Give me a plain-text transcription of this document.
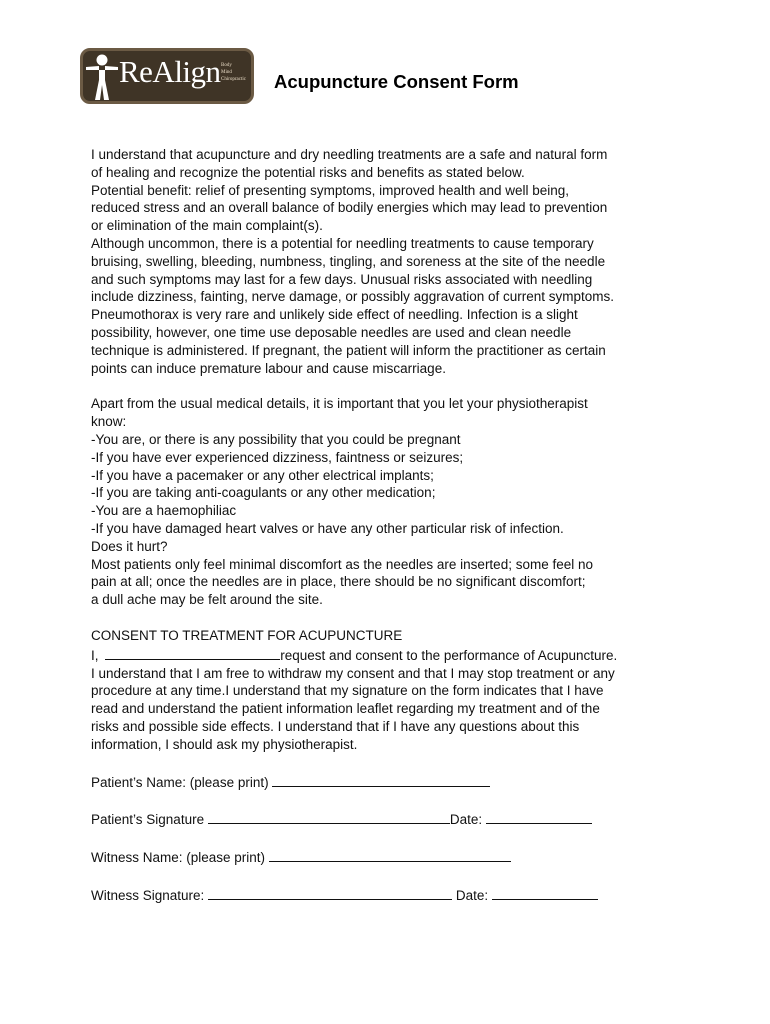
ReAlign Body
Mind
Chiropractic	Acupuncture Consent Form

I understand that acupuncture and dry needling treatments are a safe and natural form

of healing and recognize the potential risks and benefits as stated below.

Potential benefit: relief of presenting symptoms, improved health and well being,

reduced stress and an overall balance of bodily energies which may lead to prevention

or elimination of the main complaint(s).

Although uncommon, there is a potential for needling treatments to cause temporary

bruising, swelling, bleeding, numbness, tingling, and soreness at the site of the needle

and such symptoms may last for a few days. Unusual risks associated with needling

include dizziness, fainting, nerve damage, or possibly aggravation of current symptoms.

Pneumothorax is very rare and unlikely side effect of needling. Infection is a slight

possibility, however, one time use deposable needles are used and clean needle

technique is administered. If pregnant, the patient will inform the practitioner as certain

points can induce premature labour and cause miscarriage.

Apart from the usual medical details, it is important that you let your physiotherapist

know:

-You are, or there is any possibility that you could be pregnant

-If you have ever experienced dizziness, faintness or seizures;

-If you have a pacemaker or any other electrical implants;

-If you are taking anti-coagulants or any other medication;

-You are a haemophiliac

-If you have damaged heart valves or have any other particular risk of infection.

Does it hurt?

Most patients only feel minimal discomfort as the needles are inserted; some feel no

pain at all; once the needles are in place, there should be no significant discomfort;

a dull ache may be felt around the site.

CONSENT TO TREATMENT FOR ACUPUNCTURE

I,	request and consent to the performance of Acupuncture.

I understand that I am free to withdraw my consent and that I may stop treatment or any

procedure at any time.I understand that my signature on the form indicates that I have

read and understand the patient information leaflet regarding my treatment and of the

risks and possible side effects. I understand that if I have any questions about this

information, I should ask my physiotherapist.

Patient’s Name: (please print)

Patient’s Signature	Date:

Witness Name: (please print)

Witness Signature:	Date:
